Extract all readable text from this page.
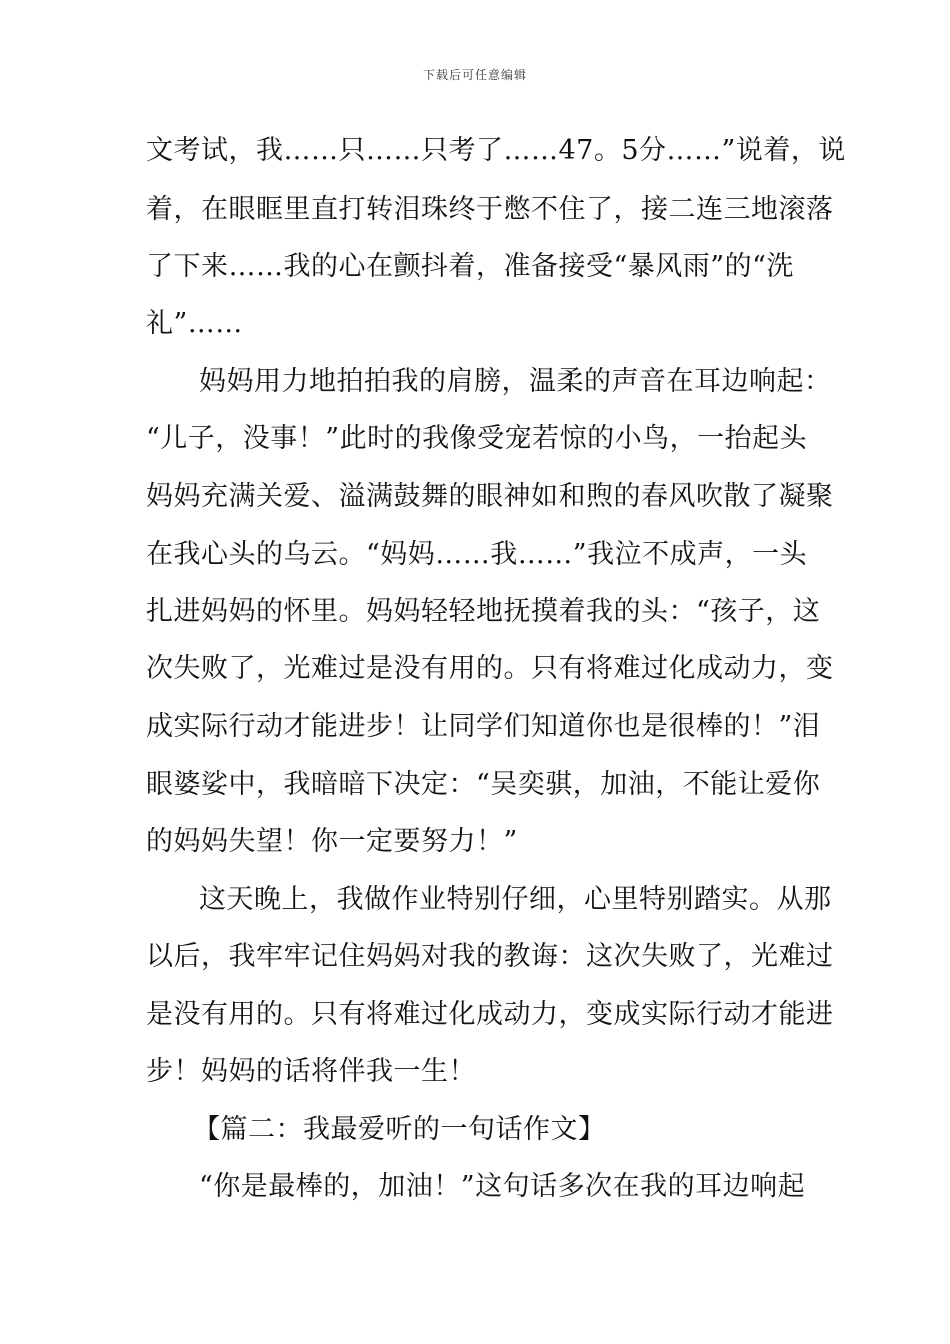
下载后可任意编辑
文考试，我……只……只考了……47。5分……”说着，说
着，在眼眶里直打转泪珠终于憋不住了，接二连三地滚落
了下来……我的心在颤抖着，准备接受“暴风雨”的“洗
礼”……
妈妈用力地拍拍我的肩膀，温柔的声音在耳边响起：
“儿子，没事！”此时的我像受宠若惊的小鸟，一抬起头
妈妈充满关爱、溢满鼓舞的眼神如和煦的春风吹散了凝聚
在我心头的乌云。“妈妈……我……”我泣不成声，一头
扎进妈妈的怀里。妈妈轻轻地抚摸着我的头：“孩子，这
次失败了，光难过是没有用的。只有将难过化成动力，变
成实际行动才能进步！让同学们知道你也是很棒的！”泪
眼婆娑中，我暗暗下决定：“吴奕骐，加油，不能让爱你
的妈妈失望！你一定要努力！”
这天晚上，我做作业特别仔细，心里特别踏实。从那
以后，我牢牢记住妈妈对我的教诲：这次失败了，光难过
是没有用的。只有将难过化成动力，变成实际行动才能进
步！妈妈的话将伴我一生！
【篇二：我最爱听的一句话作文】
“你是最棒的，加油！”这句话多次在我的耳边响起
